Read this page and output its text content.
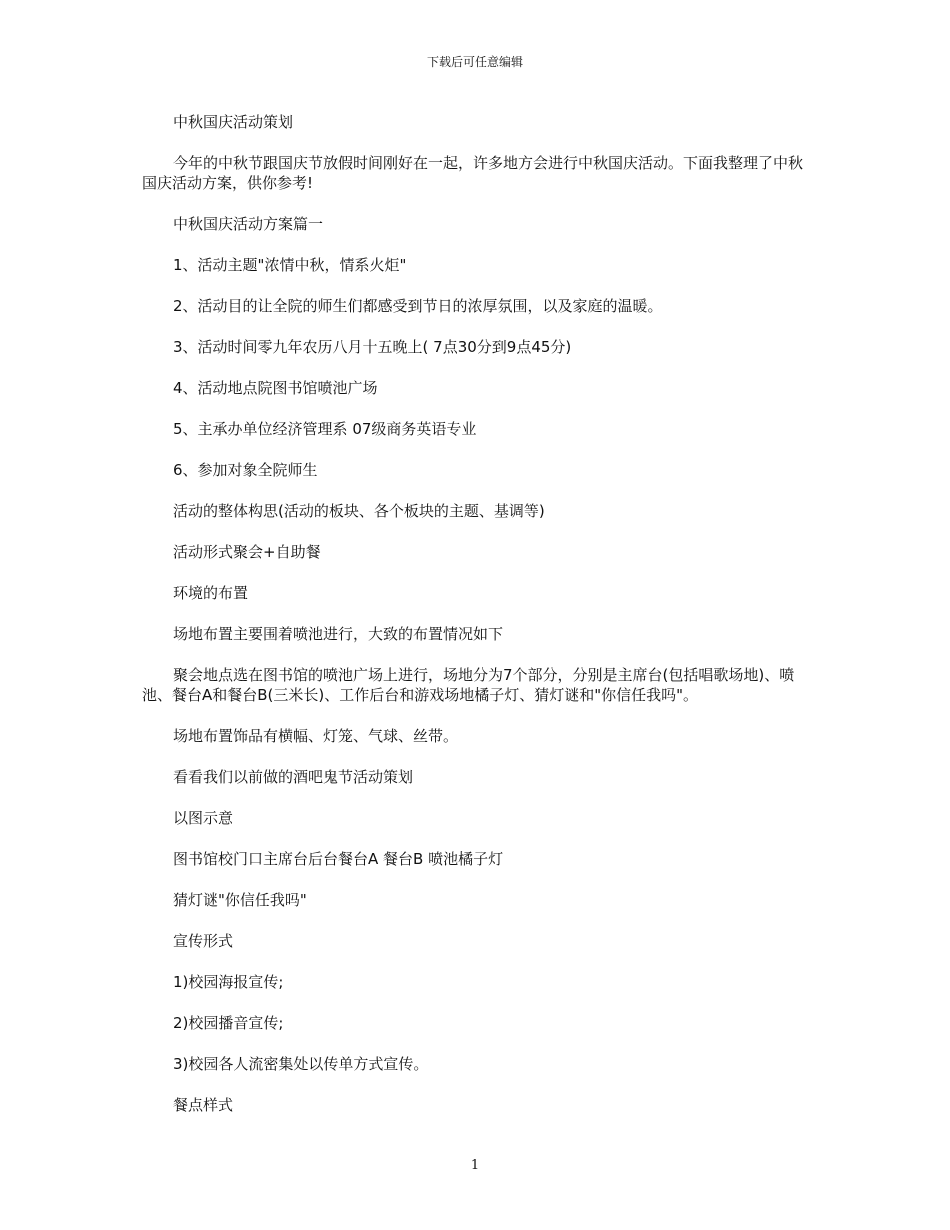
下载后可任意编辑

中秋国庆活动策划

今年的中秋节跟国庆节放假时间刚好在一起，许多地方会进行中秋国庆活动。下面我整理了中秋国庆活动方案，供你参考!

中秋国庆活动方案篇一

1、活动主题"浓情中秋，情系火炬"

2、活动目的让全院的师生们都感受到节日的浓厚氛围，以及家庭的温暖。

3、活动时间零九年农历八月十五晚上( 7点30分到9点45分)

4、活动地点院图书馆喷池广场

5、主承办单位经济管理系 07级商务英语专业

6、参加对象全院师生

活动的整体构思(活动的板块、各个板块的主题、基调等)

活动形式聚会+自助餐

环境的布置

场地布置主要围着喷池进行，大致的布置情况如下

聚会地点选在图书馆的喷池广场上进行，场地分为7个部分，分别是主席台(包括唱歌场地)、喷池、餐台A和餐台B(三米长)、工作后台和游戏场地橘子灯、猜灯谜和"你信任我吗"。

场地布置饰品有横幅、灯笼、气球、丝带。

看看我们以前做的酒吧鬼节活动策划

以图示意

图书馆校门口主席台后台餐台A 餐台B 喷池橘子灯

猜灯谜"你信任我吗"

宣传形式

1)校园海报宣传;

2)校园播音宣传;

3)校园各人流密集处以传单方式宣传。

餐点样式

1
